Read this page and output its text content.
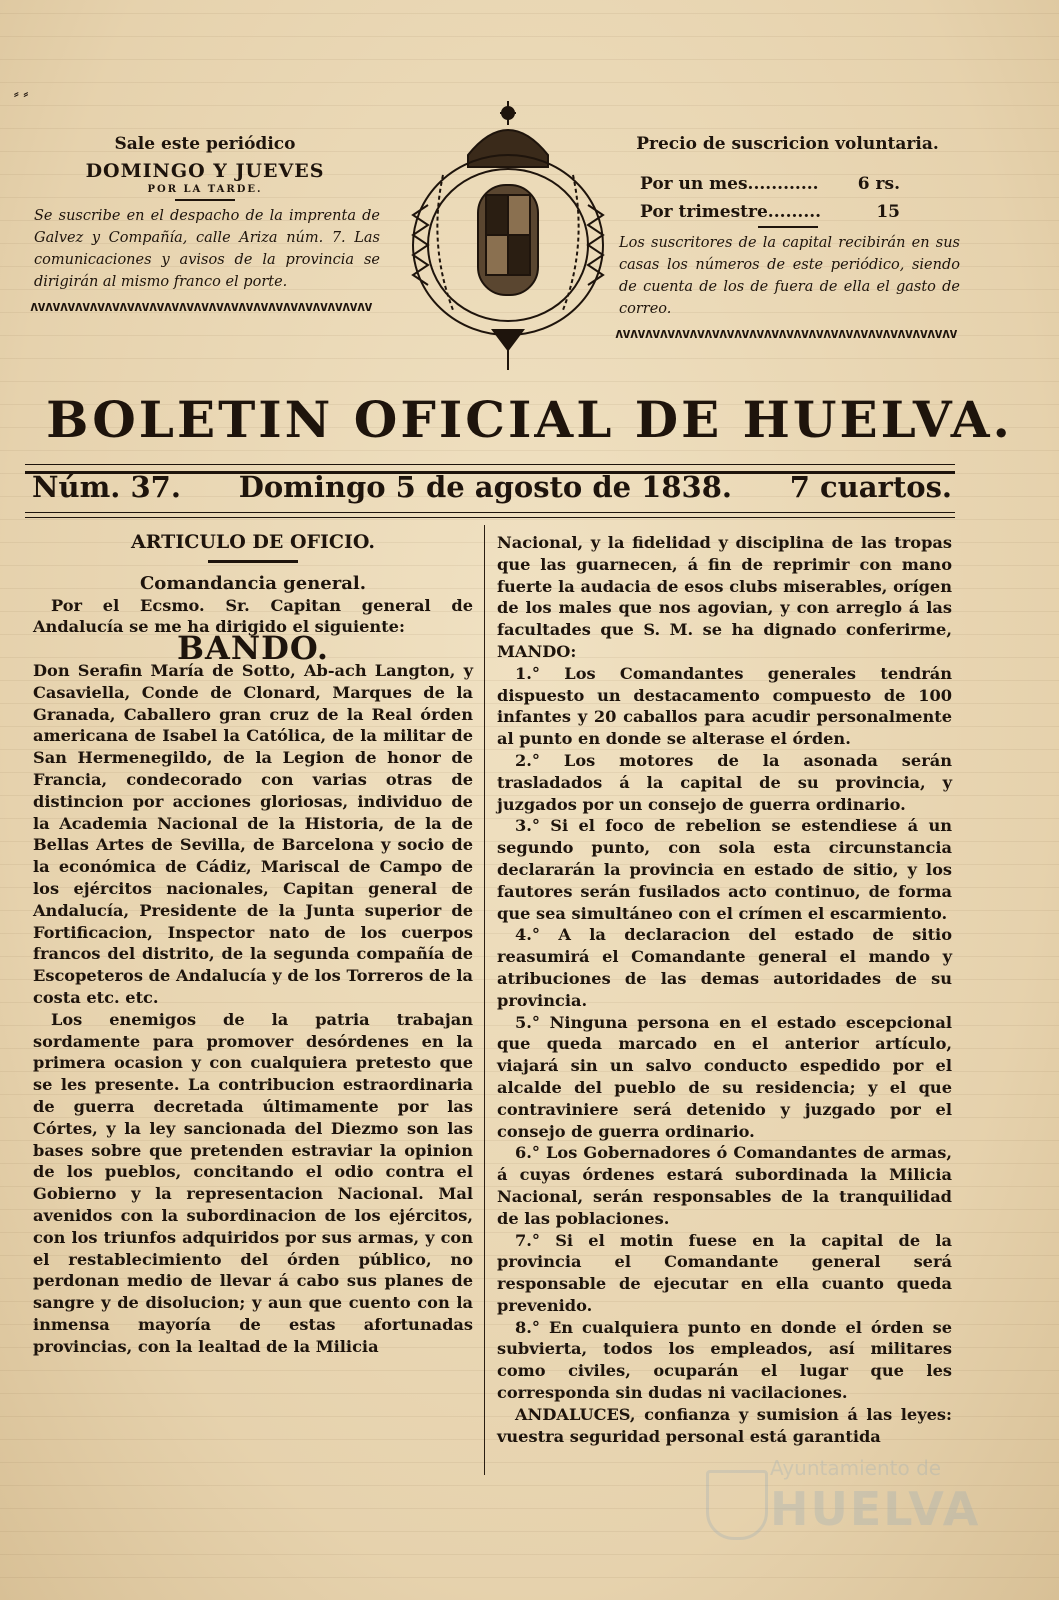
⸗ ⸗

Sale este periódico

DOMINGO Y JUEVES

POR LA TARDE.

Se suscribe en el despacho de la imprenta de Galvez y Compañía, calle Ariza núm. 7. Las comunicaciones y avisos de la provincia se dirigirán al mismo franco el porte.

ʌvʌvʌvʌvʌvʌvʌvʌvʌvʌvʌvʌvʌvʌvʌvʌvʌvʌvʌvʌvʌvʌvʌv

Precio de suscricion voluntaria.

Por un mes............	6 rs.
Por trimestre.........	15

Los suscritores de la capital recibirán en sus casas los números de este periódico, siendo de cuenta de los de fuera de ella el gasto de correo.

ʌvʌvʌvʌvʌvʌvʌvʌvʌvʌvʌvʌvʌvʌvʌvʌvʌvʌvʌvʌvʌvʌvʌv
BOLETIN OFICIAL DE HUELVA.
Núm. 37. Domingo 5 de agosto de 1838. 7 cuartos.

ARTICULO DE OFICIO.

Comandancia general.

Por el Ecsmo. Sr. Capitan general de Andalucía se me ha dirigido el siguiente:

BANDO.

Don Serafin María de Sotto, Ab-ach Langton, y Casaviella, Conde de Clonard, Marques de la Granada, Caballero gran cruz de la Real órden americana de Isabel la Católica, de la militar de San Hermenegildo, de la Legion de honor de Francia, condecorado con varias otras de distincion por acciones gloriosas, individuo de la Academia Nacional de la Historia, de la de Bellas Artes de Sevilla, de Barcelona y socio de la económica de Cádiz, Mariscal de Campo de los ejércitos nacionales, Capitan general de Andalucía, Presidente de la Junta superior de Fortificacion, Inspector nato de los cuerpos francos del distrito, de la segunda compañía de Escopeteros de Andalucía y de los Torreros de la costa etc. etc.

Los enemigos de la patria trabajan sordamente para promover desórdenes en la primera ocasion y con cualquiera pretesto que se les presente. La contribucion estraordinaria de guerra decretada últimamente por las Córtes, y la ley sancionada del Diezmo son las bases sobre que pretenden estraviar la opinion de los pueblos, concitando el odio contra el Gobierno y la representacion Nacional. Mal avenidos con la subordinacion de los ejércitos, con los triunfos adquiridos por sus armas, y con el restablecimiento del órden público, no perdonan medio de llevar á cabo sus planes de sangre y de disolucion; y aun que cuento con la inmensa mayoría de estas afortunadas provincias, con la lealtad de la Milicia

Nacional, y la fidelidad y disciplina de las tropas que las guarnecen, á fin de reprimir con mano fuerte la audacia de esos clubs miserables, orígen de los males que nos agovian, y con arreglo á las facultades que S. M. se ha dignado conferirme, MANDO:

1.° Los Comandantes generales tendrán dispuesto un destacamento compuesto de 100 infantes y 20 caballos para acudir personalmente al punto en donde se alterase el órden.

2.° Los motores de la asonada serán trasladados á la capital de su provincia, y juzgados por un consejo de guerra ordinario.

3.° Si el foco de rebelion se estendiese á un segundo punto, con sola esta circunstancia declararán la provincia en estado de sitio, y los fautores serán fusilados acto continuo, de forma que sea simultáneo con el crímen el escarmiento.

4.° A la declaracion del estado de sitio reasumirá el Comandante general el mando y atribuciones de las demas autoridades de su provincia.

5.° Ninguna persona en el estado escepcional que queda marcado en el anterior artículo, viajará sin un salvo conducto espedido por el alcalde del pueblo de su residencia; y el que contraviniere será detenido y juzgado por el consejo de guerra ordinario.

6.° Los Gobernadores ó Comandantes de armas, á cuyas órdenes estará subordinada la Milicia Nacional, serán responsables de la tranquilidad de las poblaciones.

7.° Si el motin fuese en la capital de la provincia el Comandante general será responsable de ejecutar en ella cuanto queda prevenido.

8.° En cualquiera punto en donde el órden se subvierta, todos los empleados, así militares como civiles, ocuparán el lugar que les corresponda sin dudas ni vacilaciones.

ANDALUCES, confianza y sumision á las leyes: vuestra seguridad personal está garantida

Ayuntamiento de
HUELVA
